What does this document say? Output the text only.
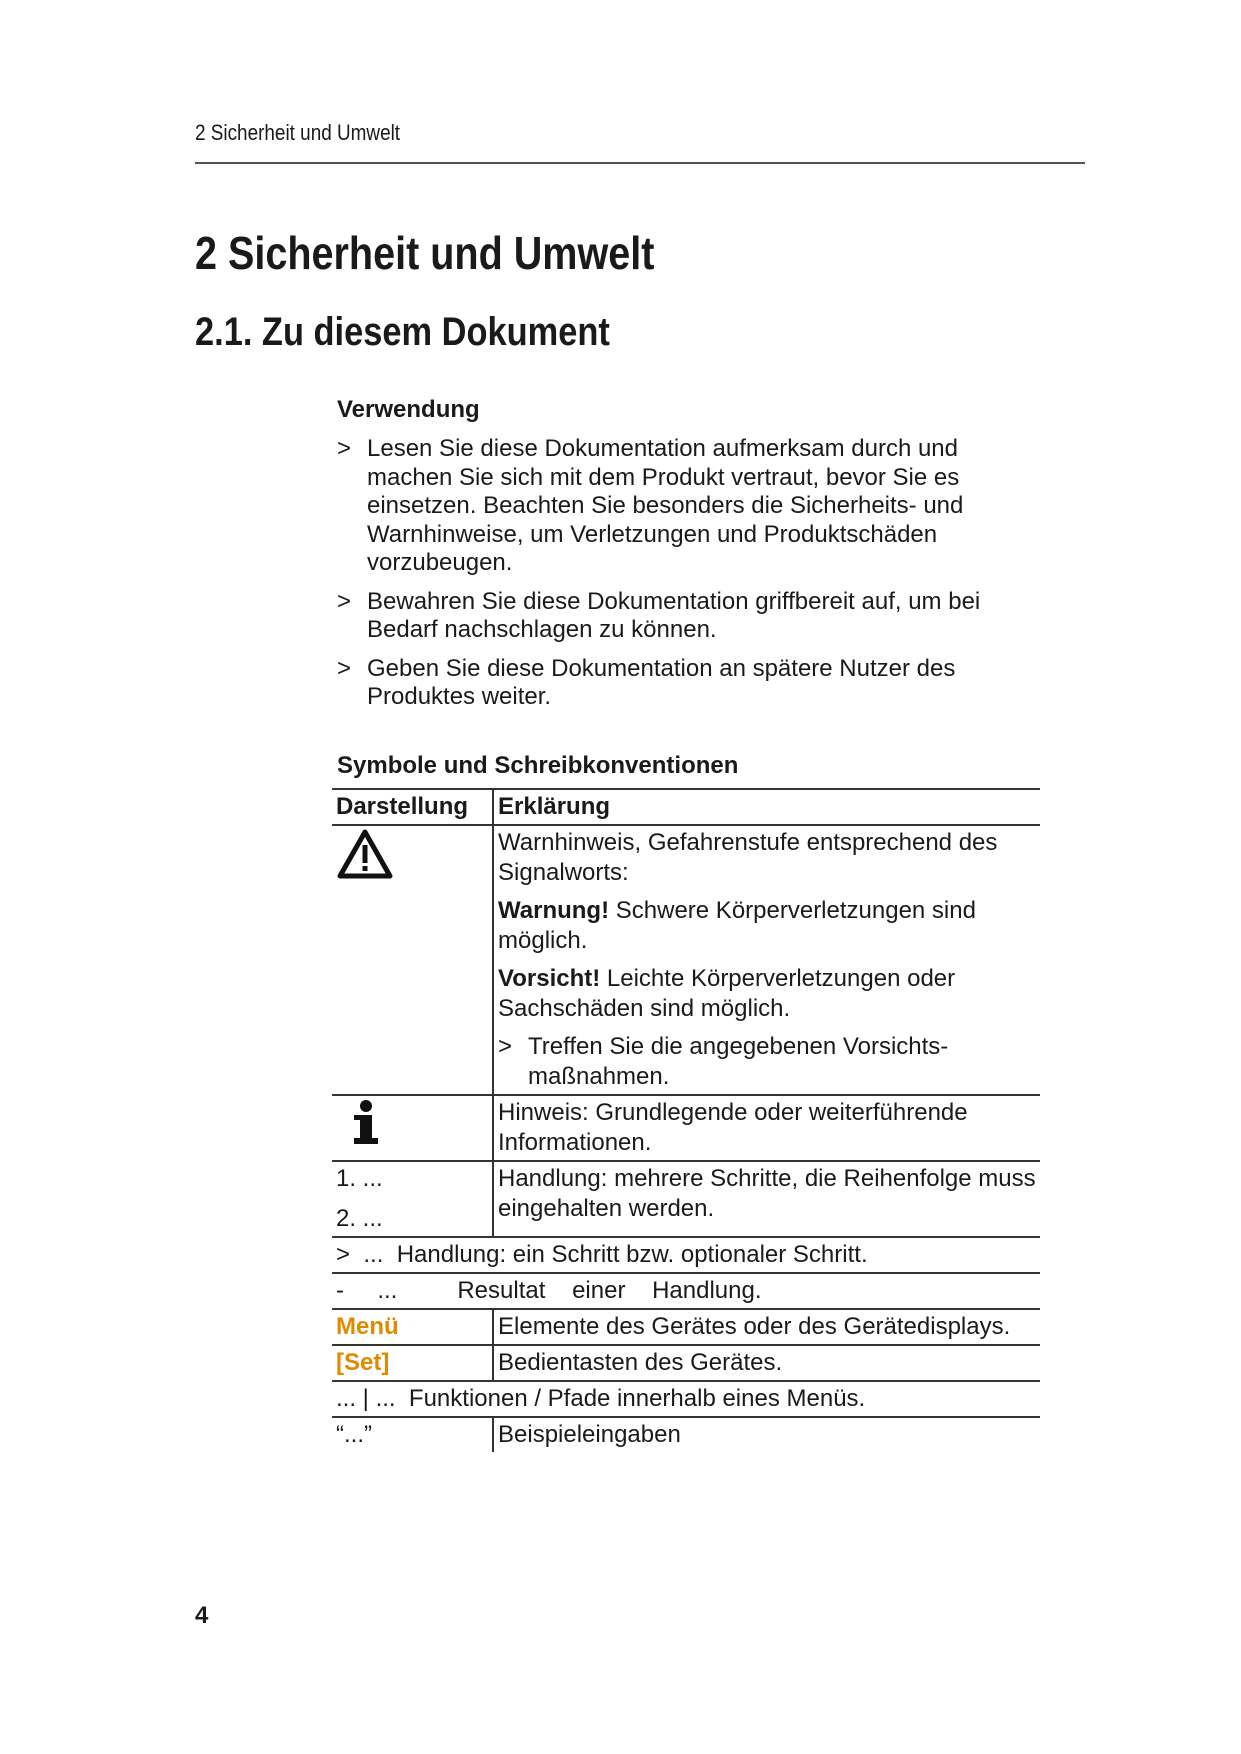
2 Sicherheit und Umwelt
2 Sicherheit und Umwelt
2.1. Zu diesem Dokument

Verwendung

> Lesen Sie diese Dokumentation aufmerksam durch und machen Sie sich mit dem Produkt vertraut, bevor Sie es einsetzen. Beachten Sie besonders die Sicherheits- und Warnhinweise, um Verletzungen und Produktschäden vorzubeugen.
> Bewahren Sie diese Dokumentation griffbereit auf, um bei Bedarf nachschlagen zu können.
> Geben Sie diese Dokumentation an spätere Nutzer des Produktes weiter.
Symbole und Schreibkonventionen
Darstellung	Erklärung

Warnhinweis, Gefahrenstufe entsprechend des Signalworts:
Warnung! Schwere Körperverletzungen sind möglich.
Vorsicht! Leichte Körperverletzungen oder Sachschäden sind möglich.
> Treffen Sie die angegebenen Vorsichts-maßnahmen.

	Hinweis: Grundlegende oder weiterführende Informationen.

1. ...
2. ...	Handlung: mehrere Schritte, die Reihenfolge muss eingehalten werden.
>  ...  Handlung: ein Schritt bzw. optionaler Schritt.	
-     ...         Resultat    einer    Handlung.	
Menü	Elemente des Gerätes oder des Gerätedisplays.
[Set]	Bedientasten des Gerätes.
... | ...  Funktionen / Pfade innerhalb eines Menüs.	
“...”	Beispieleingaben
4
